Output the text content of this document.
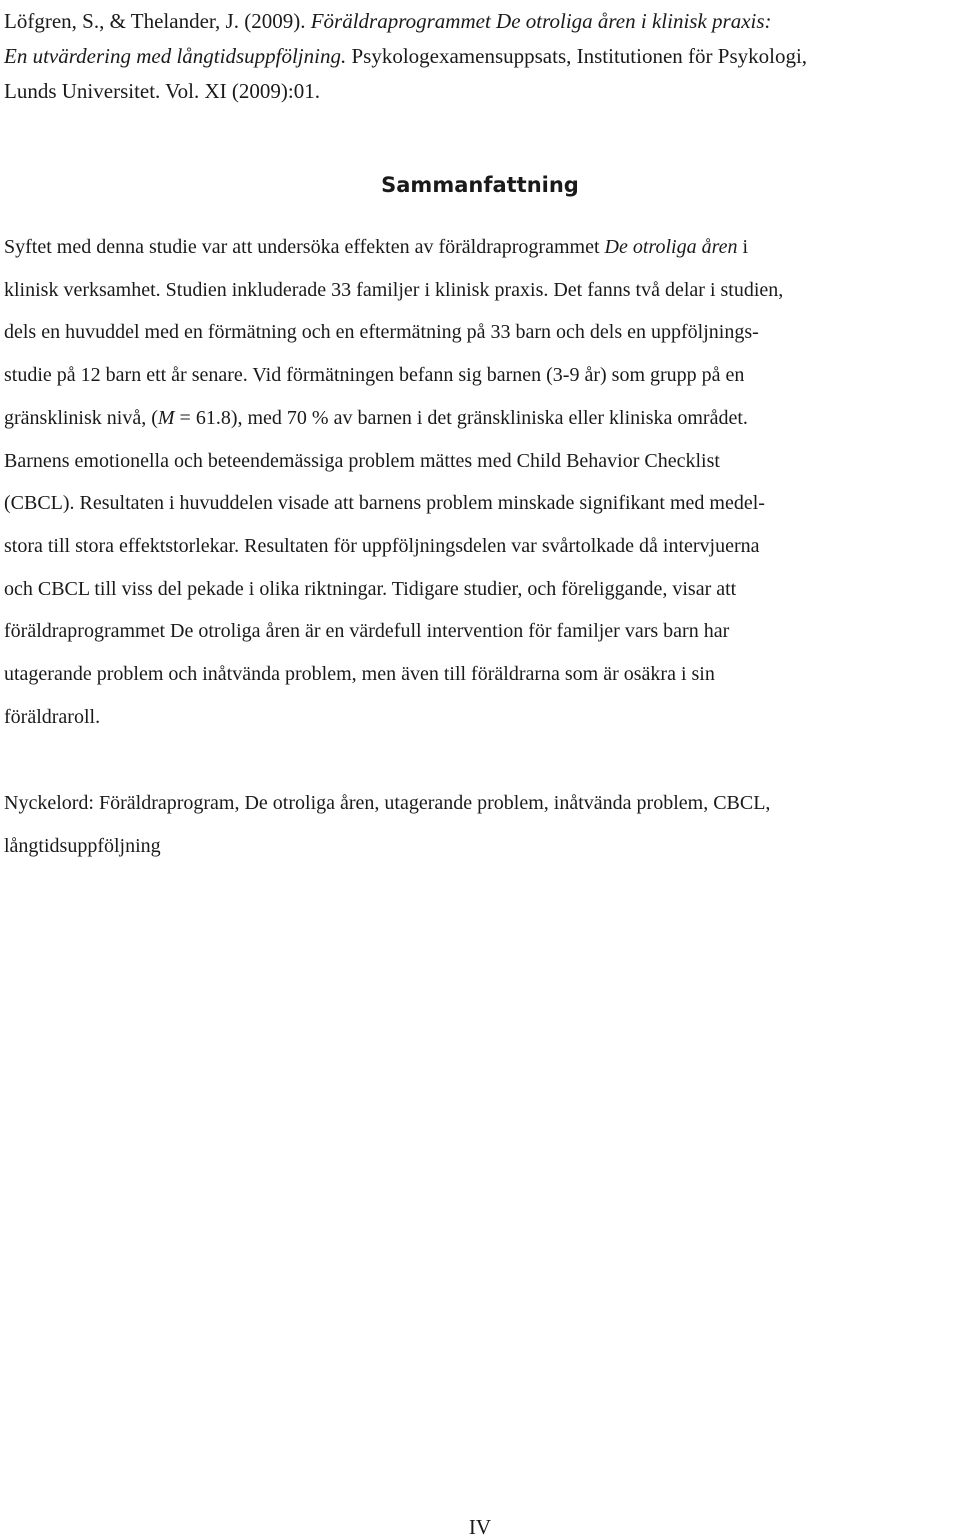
Löfgren, S., & Thelander, J. (2009). Föräldraprogrammet De otroliga åren i klinisk praxis:
En utvärdering med långtidsuppföljning. Psykologexamensuppsats, Institutionen för Psykologi,
Lunds Universitet. Vol. XI (2009):01.
Sammanfattning
Syftet med denna studie var att undersöka effekten av föräldraprogrammet De otroliga åren i
klinisk verksamhet. Studien inkluderade 33 familjer i klinisk praxis. Det fanns två delar i studien,
dels en huvuddel med en förmätning och en eftermätning på 33 barn och dels en uppföljnings-
studie på 12 barn ett år senare. Vid förmätningen befann sig barnen (3-9 år) som grupp på en
gränsklinisk nivå, (M = 61.8), med 70 % av barnen i det gränskliniska eller kliniska området.
Barnens emotionella och beteendemässiga problem mättes med Child Behavior Checklist
(CBCL). Resultaten i huvuddelen visade att barnens problem minskade signifikant med medel-
stora till stora effektstorlekar. Resultaten för uppföljningsdelen var svårtolkade då intervjuerna
och CBCL till viss del pekade i olika riktningar. Tidigare studier, och föreliggande, visar att
föräldraprogrammet De otroliga åren är en värdefull intervention för familjer vars barn har
utagerande problem och inåtvända problem, men även till föräldrarna som är osäkra i sin
föräldraroll.
Nyckelord: Föräldraprogram, De otroliga åren, utagerande problem, inåtvända problem, CBCL,
långtidsuppföljning
IV
